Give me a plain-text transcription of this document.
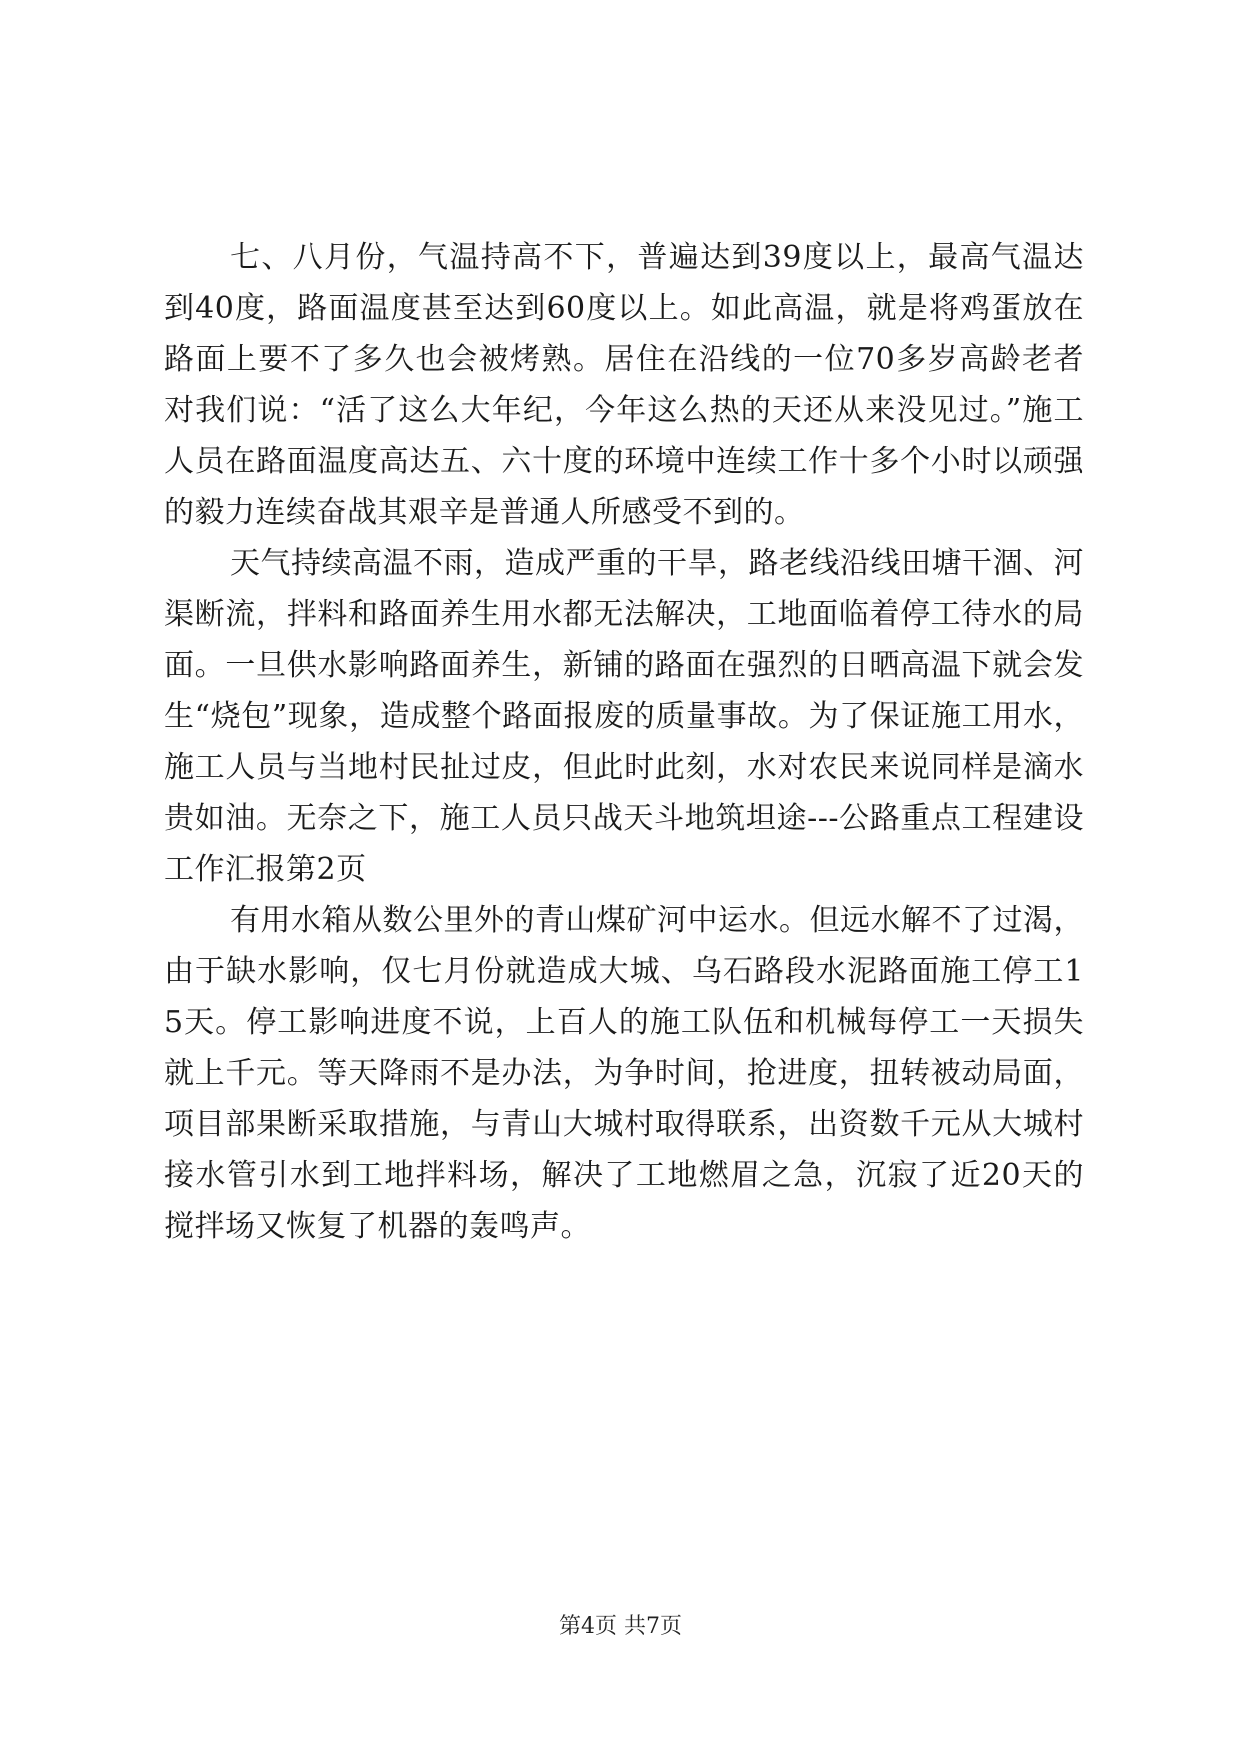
七、八月份，气温持高不下，普遍达到39度以上，最高气温达到40度，路面温度甚至达到60度以上。如此高温，就是将鸡蛋放在路面上要不了多久也会被烤熟。居住在沿线的一位70多岁高龄老者对我们说：“活了这么大年纪，今年这么热的天还从来没见过。”施工人员在路面温度高达五、六十度的环境中连续工作十多个小时以顽强的毅力连续奋战其艰辛是普通人所感受不到的。

天气持续高温不雨，造成严重的干旱，路老线沿线田塘干涸、河渠断流，拌料和路面养生用水都无法解决，工地面临着停工待水的局面。一旦供水影响路面养生，新铺的路面在强烈的日晒高温下就会发生“烧包”现象，造成整个路面报废的质量事故。为了保证施工用水，施工人员与当地村民扯过皮，但此时此刻，水对农民来说同样是滴水贵如油。无奈之下，施工人员只战天斗地筑坦途---公路重点工程建设工作汇报第2页

有用水箱从数公里外的青山煤矿河中运水。但远水解不了过渴，由于缺水影响，仅七月份就造成大城、乌石路段水泥路面施工停工15天。停工影响进度不说，上百人的施工队伍和机械每停工一天损失就上千元。等天降雨不是办法，为争时间，抢进度，扭转被动局面，项目部果断采取措施，与青山大城村取得联系，出资数千元从大城村接水管引水到工地拌料场，解决了工地燃眉之急，沉寂了近20天的搅拌场又恢复了机器的轰鸣声。

第4页 共7页
